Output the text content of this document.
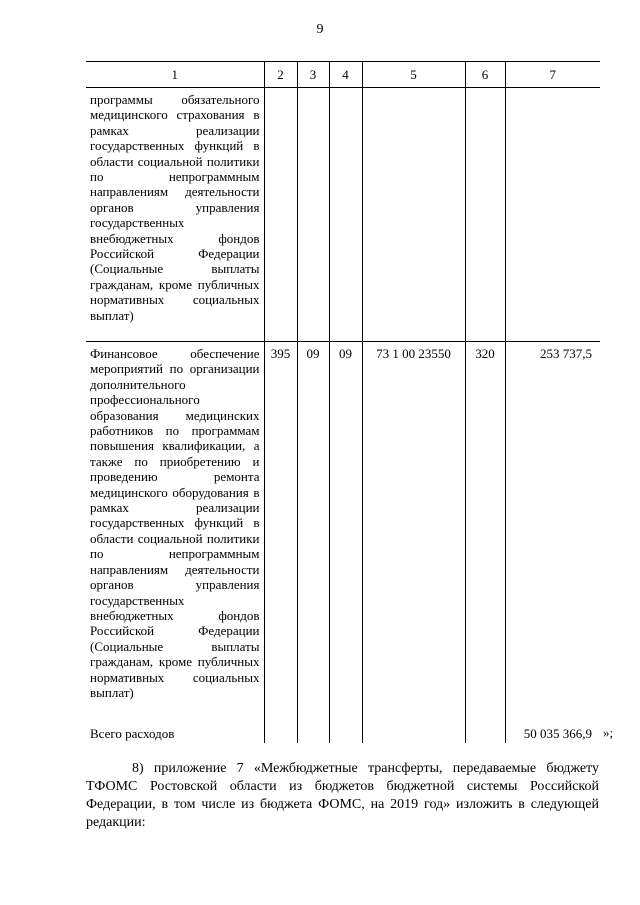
9
1	2	3	4	5	6	7
программы обязательного медицинского страхования в рамках реализации государственных функций в области социальной политики по непрограммным направлениям деятельности органов управления государственных внебюджетных фондов Российской Федерации (Социальные выплаты гражданам, кроме публичных нормативных социальных выплат)						
Финансовое обеспечение мероприятий по организации дополнительного профессионального образования медицинских работников по программам повышения квалификации, а также по приобретению и проведению ремонта медицинского оборудования в рамках реализации государственных функций в области социальной политики по непрограммным направлениям деятельности органов управления государственных внебюджетных фондов Российской Федерации (Социальные выплаты гражданам, кроме публичных нормативных социальных выплат)	395	09	09	73 1 00 23550	320	253 737,5
Всего расходов						50 035 366,9 »;
8) приложение 7 «Межбюджетные трансферты, передаваемые бюджету ТФОМС Ростовской области из бюджетов бюджетной системы Российской Федерации, в том числе из бюджета ФОМС, на 2019 год» изложить в следующей редакции:
